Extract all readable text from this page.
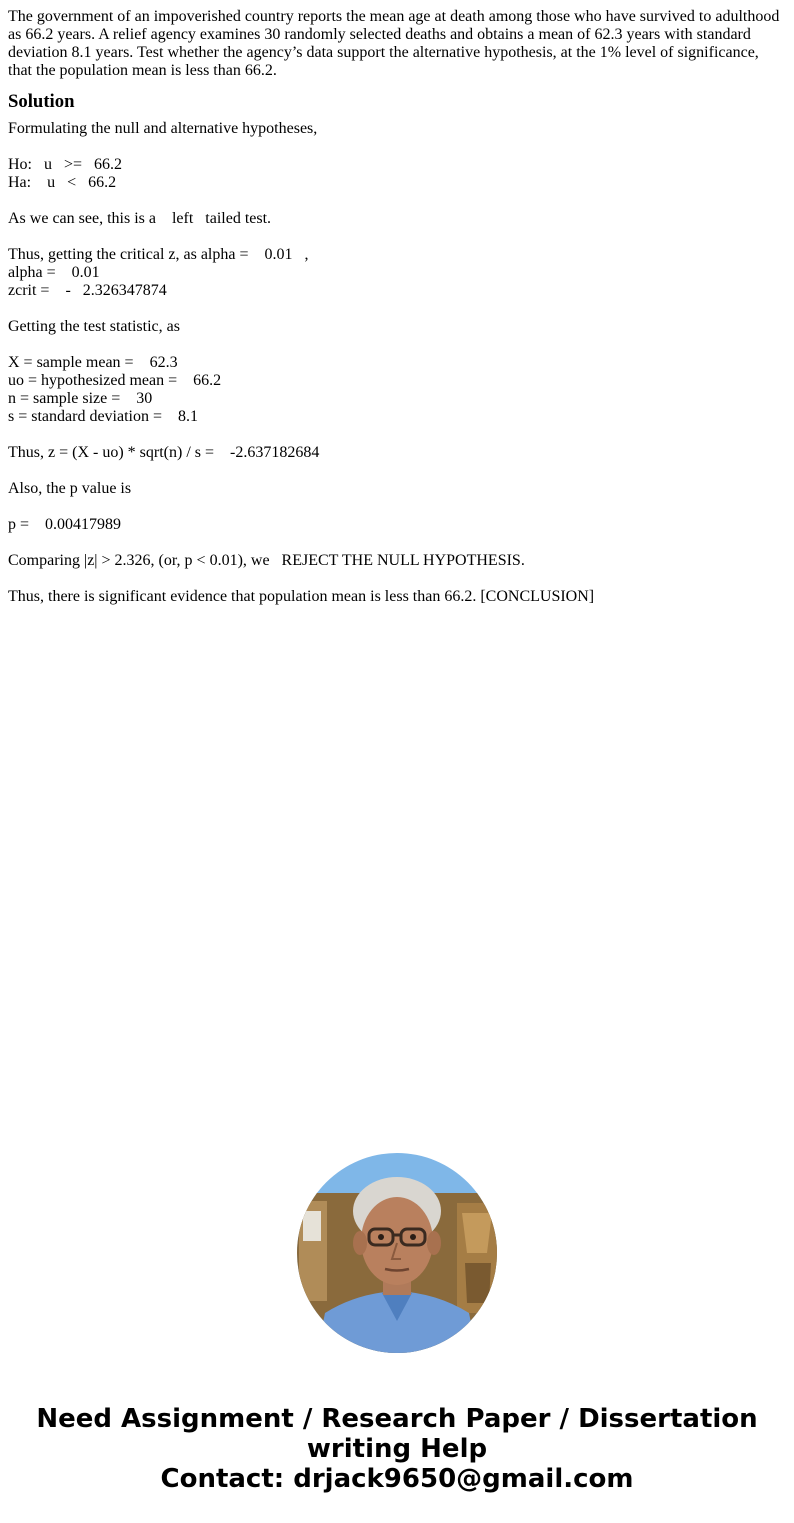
The government of an impoverished country reports the mean age at death among those who have survived to adulthood as 66.2 years. A relief agency examines 30 randomly selected deaths and obtains a mean of 62.3 years with standard deviation 8.1 years. Test whether the agency’s data support the alternative hypothesis, at the 1% level of significance, that the population mean is less than 66.2.

Solution
Formulating the null and alternative hypotheses,
Ho:   u   >=   66.2
Ha:    u   <   66.2
As we can see, this is a    left   tailed test.
Thus, getting the critical z, as alpha =    0.01   ,
alpha =    0.01
zcrit =    -   2.326347874
Getting the test statistic, as
X = sample mean =    62.3
uo = hypothesized mean =    66.2
n = sample size =    30
s = standard deviation =    8.1
Thus, z = (X - uo) * sqrt(n) / s =    -2.637182684
Also, the p value is
p =    0.00417989
Comparing |z| > 2.326, (or, p < 0.01), we   REJECT THE NULL HYPOTHESIS.
Thus, there is significant evidence that population mean is less than 66.2. [CONCLUSION]
Need Assignment / Research Paper / Dissertation
writing Help
Contact: drjack9650@gmail.com
